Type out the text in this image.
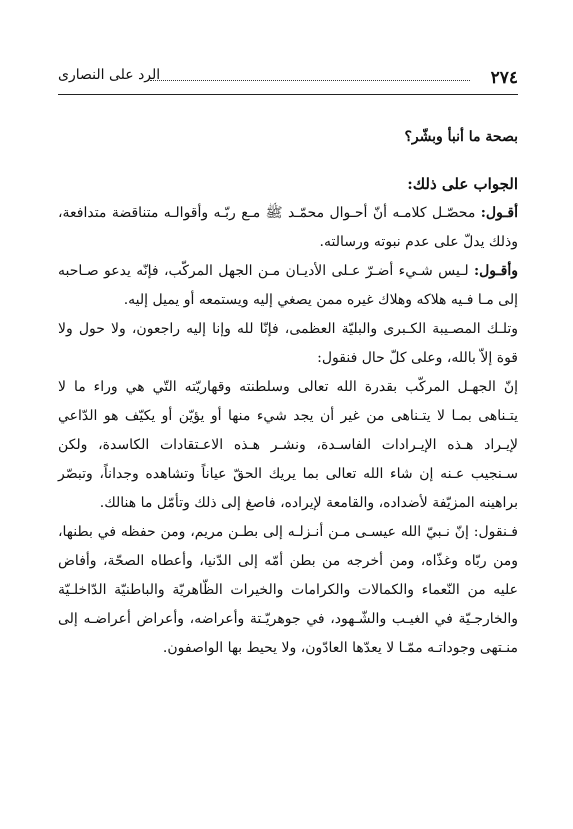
٢٧٤
الرد على النصارى

بصحة ما أنبأ وبشّر؟

الجواب على ذلك:

أقـول: محصّـل كلامـه أنّ أحـوال محمّـد ﷺ مـع ربّـه وأقوالـه متناقضة متدافعة، وذلك يدلّ على عدم نبوته ورسالته.

وأقـول: لـيس شـيء أضـرّ عـلى الأديـان مـن الجهل المركّب، فإنّه يدعو صـاحبه إلى مـا فـيه هلاكه وهلاك غيره ممن يصغي إليه ويستمعه أو يميل إليه.

وتلـك المصـيبة الكـبرى والبليّة العظمى، فإنّا لله وإنا إليه راجعون، ولا حول ولا قوة إلاّ بالله، وعلى كلّ حال فنقول:

إنّ الجهـل المركّب بقدرة الله تعالى وسلطنته وقهاريّته التّي هي وراء ما لا يتـناهى بمـا لا يتـناهى من غير أن يجد شيء منها أو يؤيّن أو يكيّف هو الدّاعي لإيـراد هـذه الإيـرادات الفاسـدة، ونشـر هـذه الاعـتقادات الكاسدة، ولكن سـنجيب عـنه إن شاء الله تعالى بما يريك الحقّ عياناً وتشاهده وجداناً، وتبصّر براهينه المزيّفة لأضداده، والقامعة لإيراده، فاصغ إلى ذلك وتأمّل ما هنالك.

فـنقول: إنّ نـبيّ الله عيسـى مـن أنـزلـه إلى بطـن مريم، ومن حفظه في بطنها، ومن ربّاه وغذّاه، ومن أخرجه من بطن أمّه إلى الدّنيا، وأعطاه الصحّة، وأفاض عليه من النّعماء والكمالات والكرامات والخيرات الظّاهريّة والباطنيّة الدّاخلـيّة والخارجـيّة في الغيـب والشّـهود، في جوهريّـتة وأعراضه، وأعراض أعراضـه إلى منـتهى وجوداتـه ممّـا لا يعدّها العادّون، ولا يحيط بها الواصفون.
